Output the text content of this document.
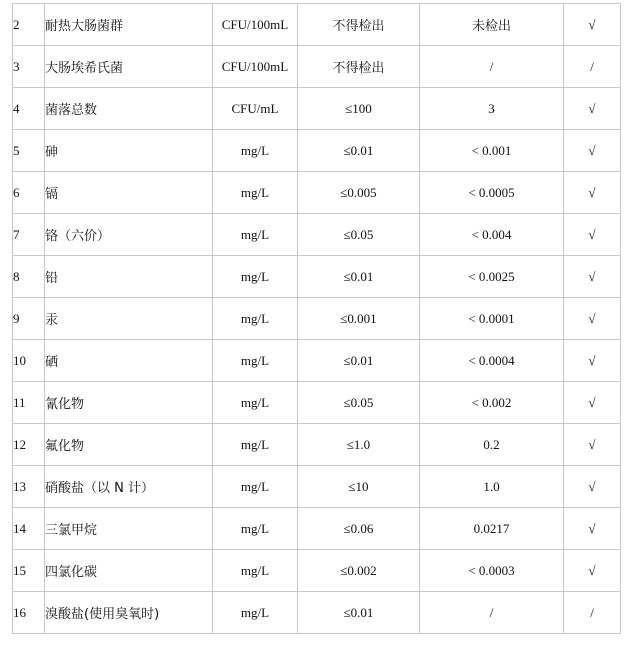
2	耐热大肠菌群	CFU/100mL	不得检出	未检出	√
3	大肠埃希氏菌	CFU/100mL	不得检出	/	/
4	菌落总数	CFU/mL	≤100	3	√
5	砷	mg/L	≤0.01	< 0.001	√
6	镉	mg/L	≤0.005	< 0.0005	√
7	铬（六价）	mg/L	≤0.05	< 0.004	√
8	铅	mg/L	≤0.01	< 0.0025	√
9	汞	mg/L	≤0.001	< 0.0001	√
10	硒	mg/L	≤0.01	< 0.0004	√
11	氰化物	mg/L	≤0.05	< 0.002	√
12	氟化物	mg/L	≤1.0	0.2	√
13	硝酸盐（以 N 计）	mg/L	≤10	1.0	√
14	三氯甲烷	mg/L	≤0.06	0.0217	√
15	四氯化碳	mg/L	≤0.002	< 0.0003	√
16	溴酸盐(使用臭氧时)	mg/L	≤0.01	/	/
